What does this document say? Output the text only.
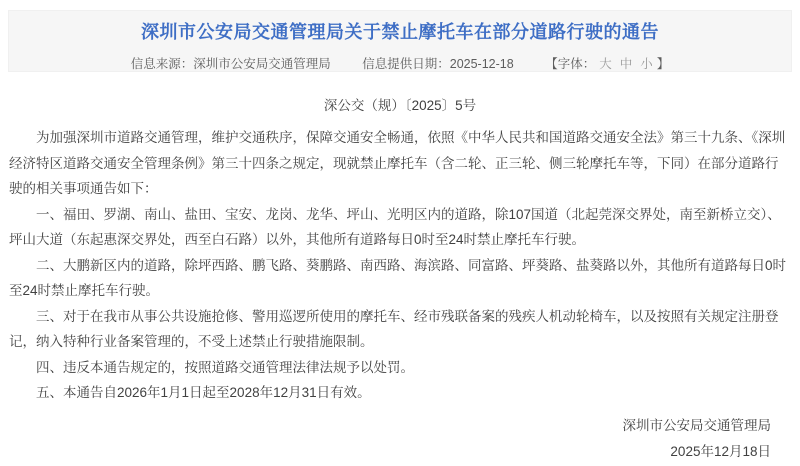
深圳市公安局交通管理局关于禁止摩托车在部分道路行驶的通告
信息来源：深圳市公安局交通管理局	信息提供日期：2025-12-18	【字体： 大 中 小 】
深公交（规）〔2025〕5号

为加强深圳市道路交通管理，维护交通秩序，保障交通安全畅通，依照《中华人民共和国道路交通安全法》第三十九条、《深圳经济特区道路交通安全管理条例》第三十四条之规定，现就禁止摩托车（含二轮、正三轮、侧三轮摩托车等，下同）在部分道路行驶的相关事项通告如下：

一、福田、罗湖、南山、盐田、宝安、龙岗、龙华、坪山、光明区内的道路，除107国道（北起莞深交界处，南至新桥立交）、坪山大道（东起惠深交界处，西至白石路）以外，其他所有道路每日0时至24时禁止摩托车行驶。

二、大鹏新区内的道路，除坪西路、鹏飞路、葵鹏路、南西路、海滨路、同富路、坪葵路、盐葵路以外，其他所有道路每日0时至24时禁止摩托车行驶。

三、对于在我市从事公共设施抢修、警用巡逻所使用的摩托车、经市残联备案的残疾人机动轮椅车，以及按照有关规定注册登记，纳入特种行业备案管理的，不受上述禁止行驶措施限制。

四、违反本通告规定的，按照道路交通管理法律法规予以处罚。

五、本通告自2026年1月1日起至2028年12月31日有效。

深圳市公安局交通管理局
2025年12月18日
